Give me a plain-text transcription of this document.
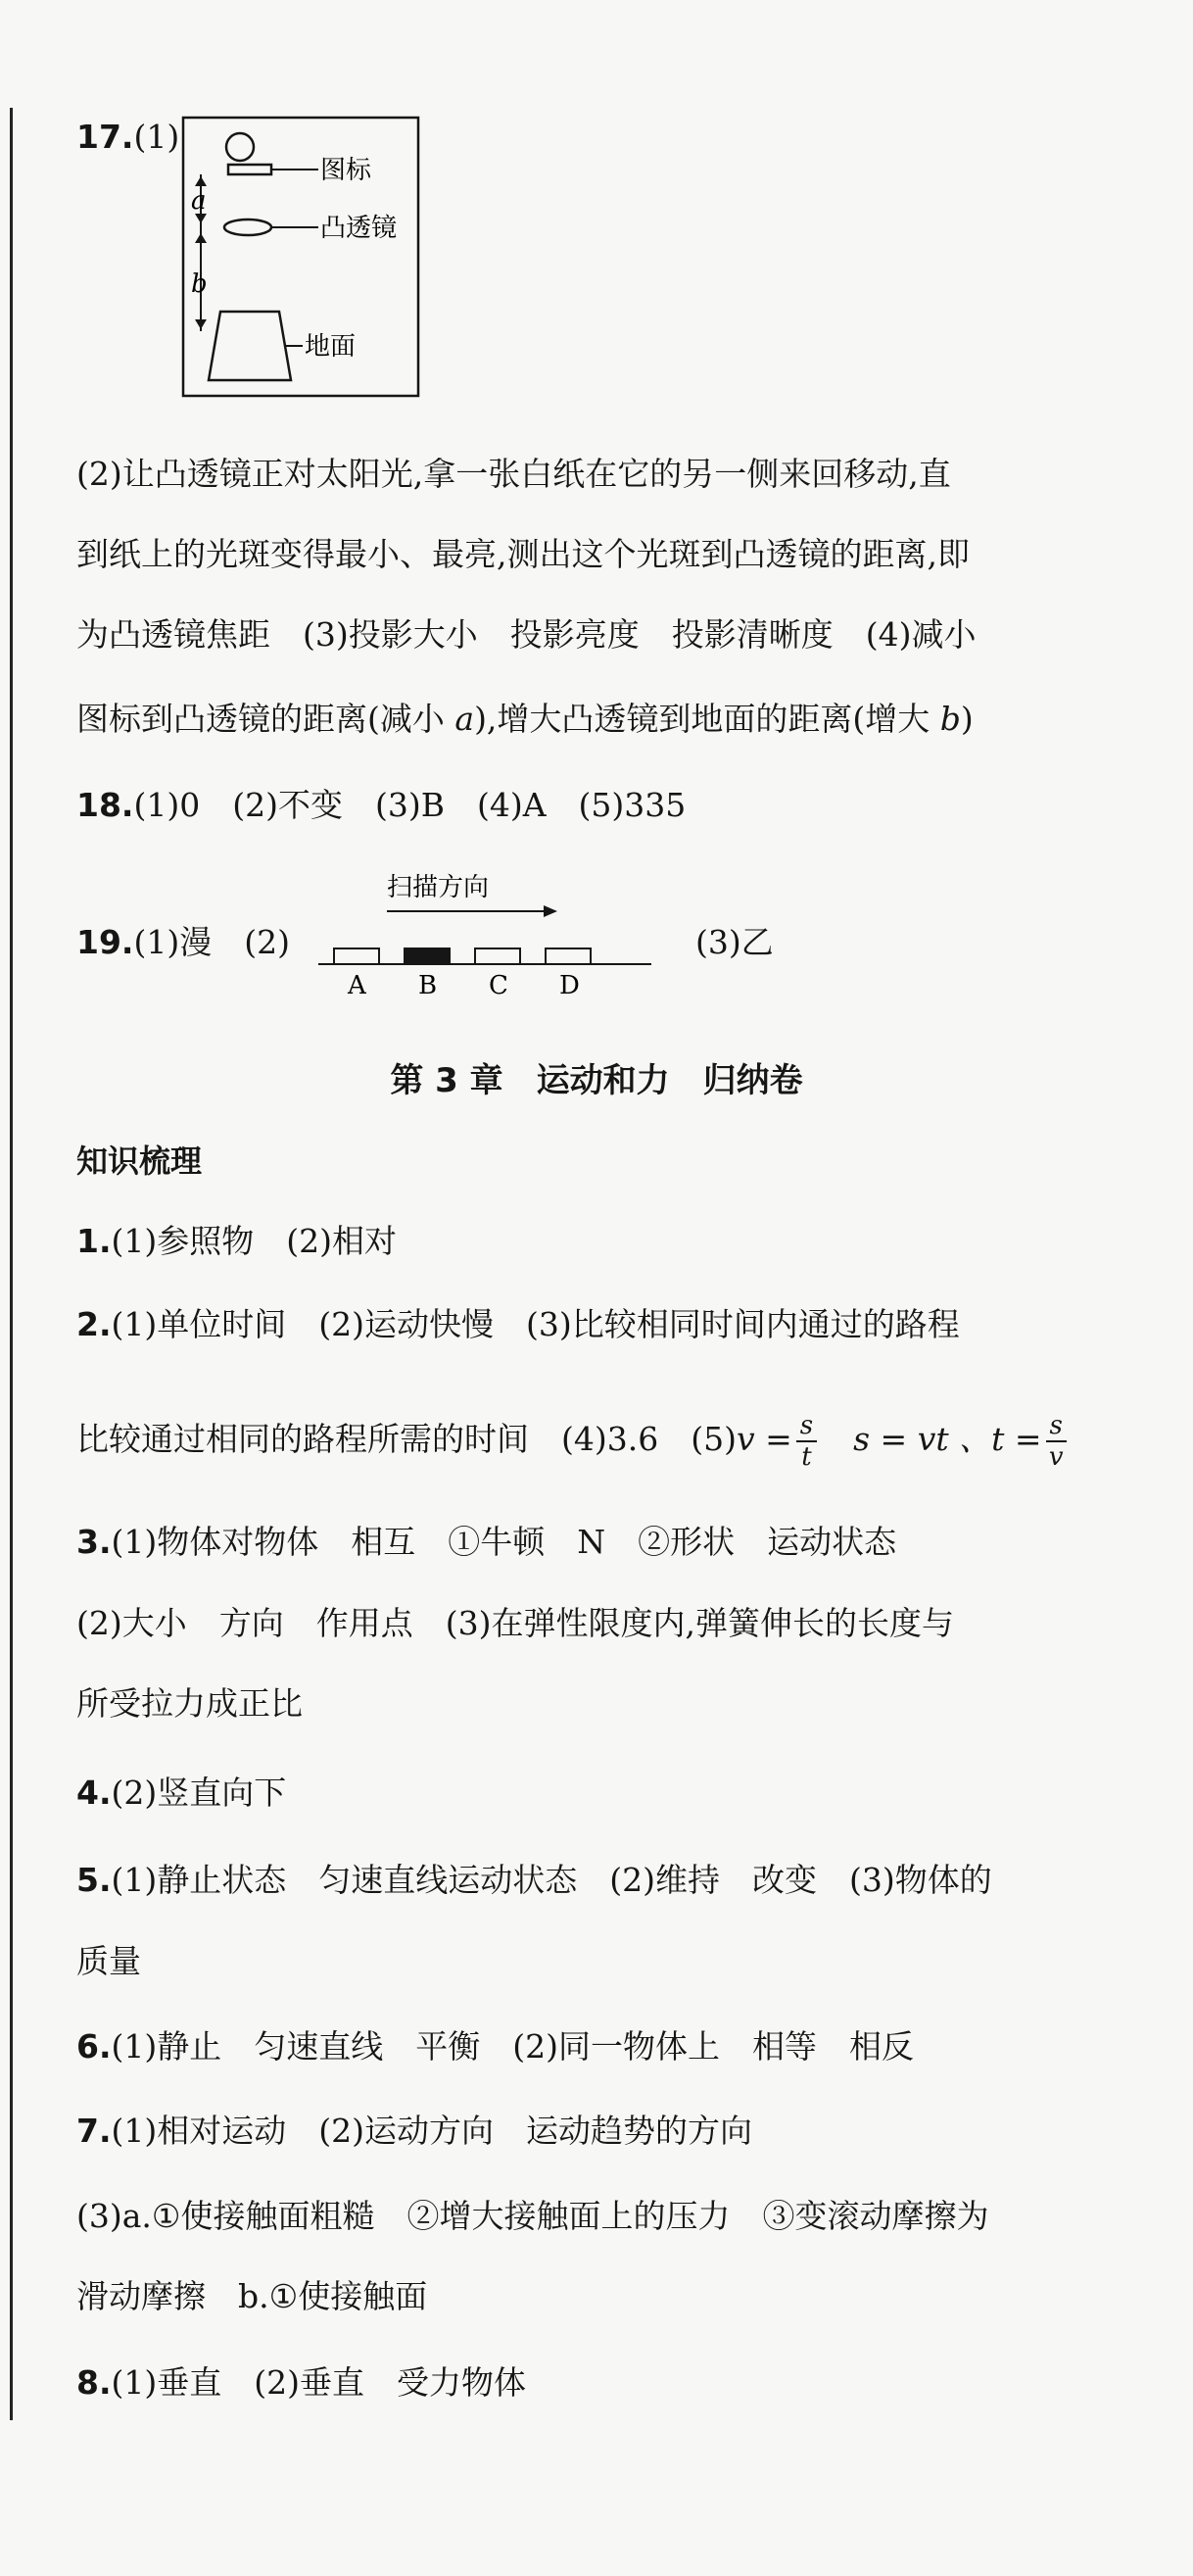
17.(1)
图标
a
凸透镜
b
地面
(2)让凸透镜正对太阳光,拿一张白纸在它的另一侧来回移动,直
到纸上的光斑变得最小、最亮,测出这个光斑到凸透镜的距离,即
为凸透镜焦距　(3)投影大小　投影亮度　投影清晰度　(4)减小
图标到凸透镜的距离(减小 a),增大凸透镜到地面的距离(增大 b)
18.(1)0　(2)不变　(3)B　(4)A　(5)335
19.(1)漫　(2)
扫描方向
A B C D
(3)乙
第 3 章　运动和力　归纳卷
知识梳理
1.(1)参照物　(2)相对
2.(1)单位时间　(2)运动快慢　(3)比较相同时间内通过的路程
比较通过相同的路程所需的时间　(4)3.6　$(5)v = \frac{s}{t}$
　 s = vt 、$t = \frac{s}{v}$
3.(1)物体对物体　相互　①牛顿　N　②形状　运动状态
(2)大小　方向　作用点　(3)在弹性限度内,弹簧伸长的长度与
所受拉力成正比
4.(2)竖直向下
5.(1)静止状态　匀速直线运动状态　(2)维持　改变　(3)物体的
质量
6.(1)静止　匀速直线　平衡　(2)同一物体上　相等　相反
7.(1)相对运动　(2)运动方向　运动趋势的方向
(3)a.①使接触面粗糙　②增大接触面上的压力　③变滚动摩擦为
滑动摩擦　b.①使接触面
8.(1)垂直　(2)垂直　受力物体
